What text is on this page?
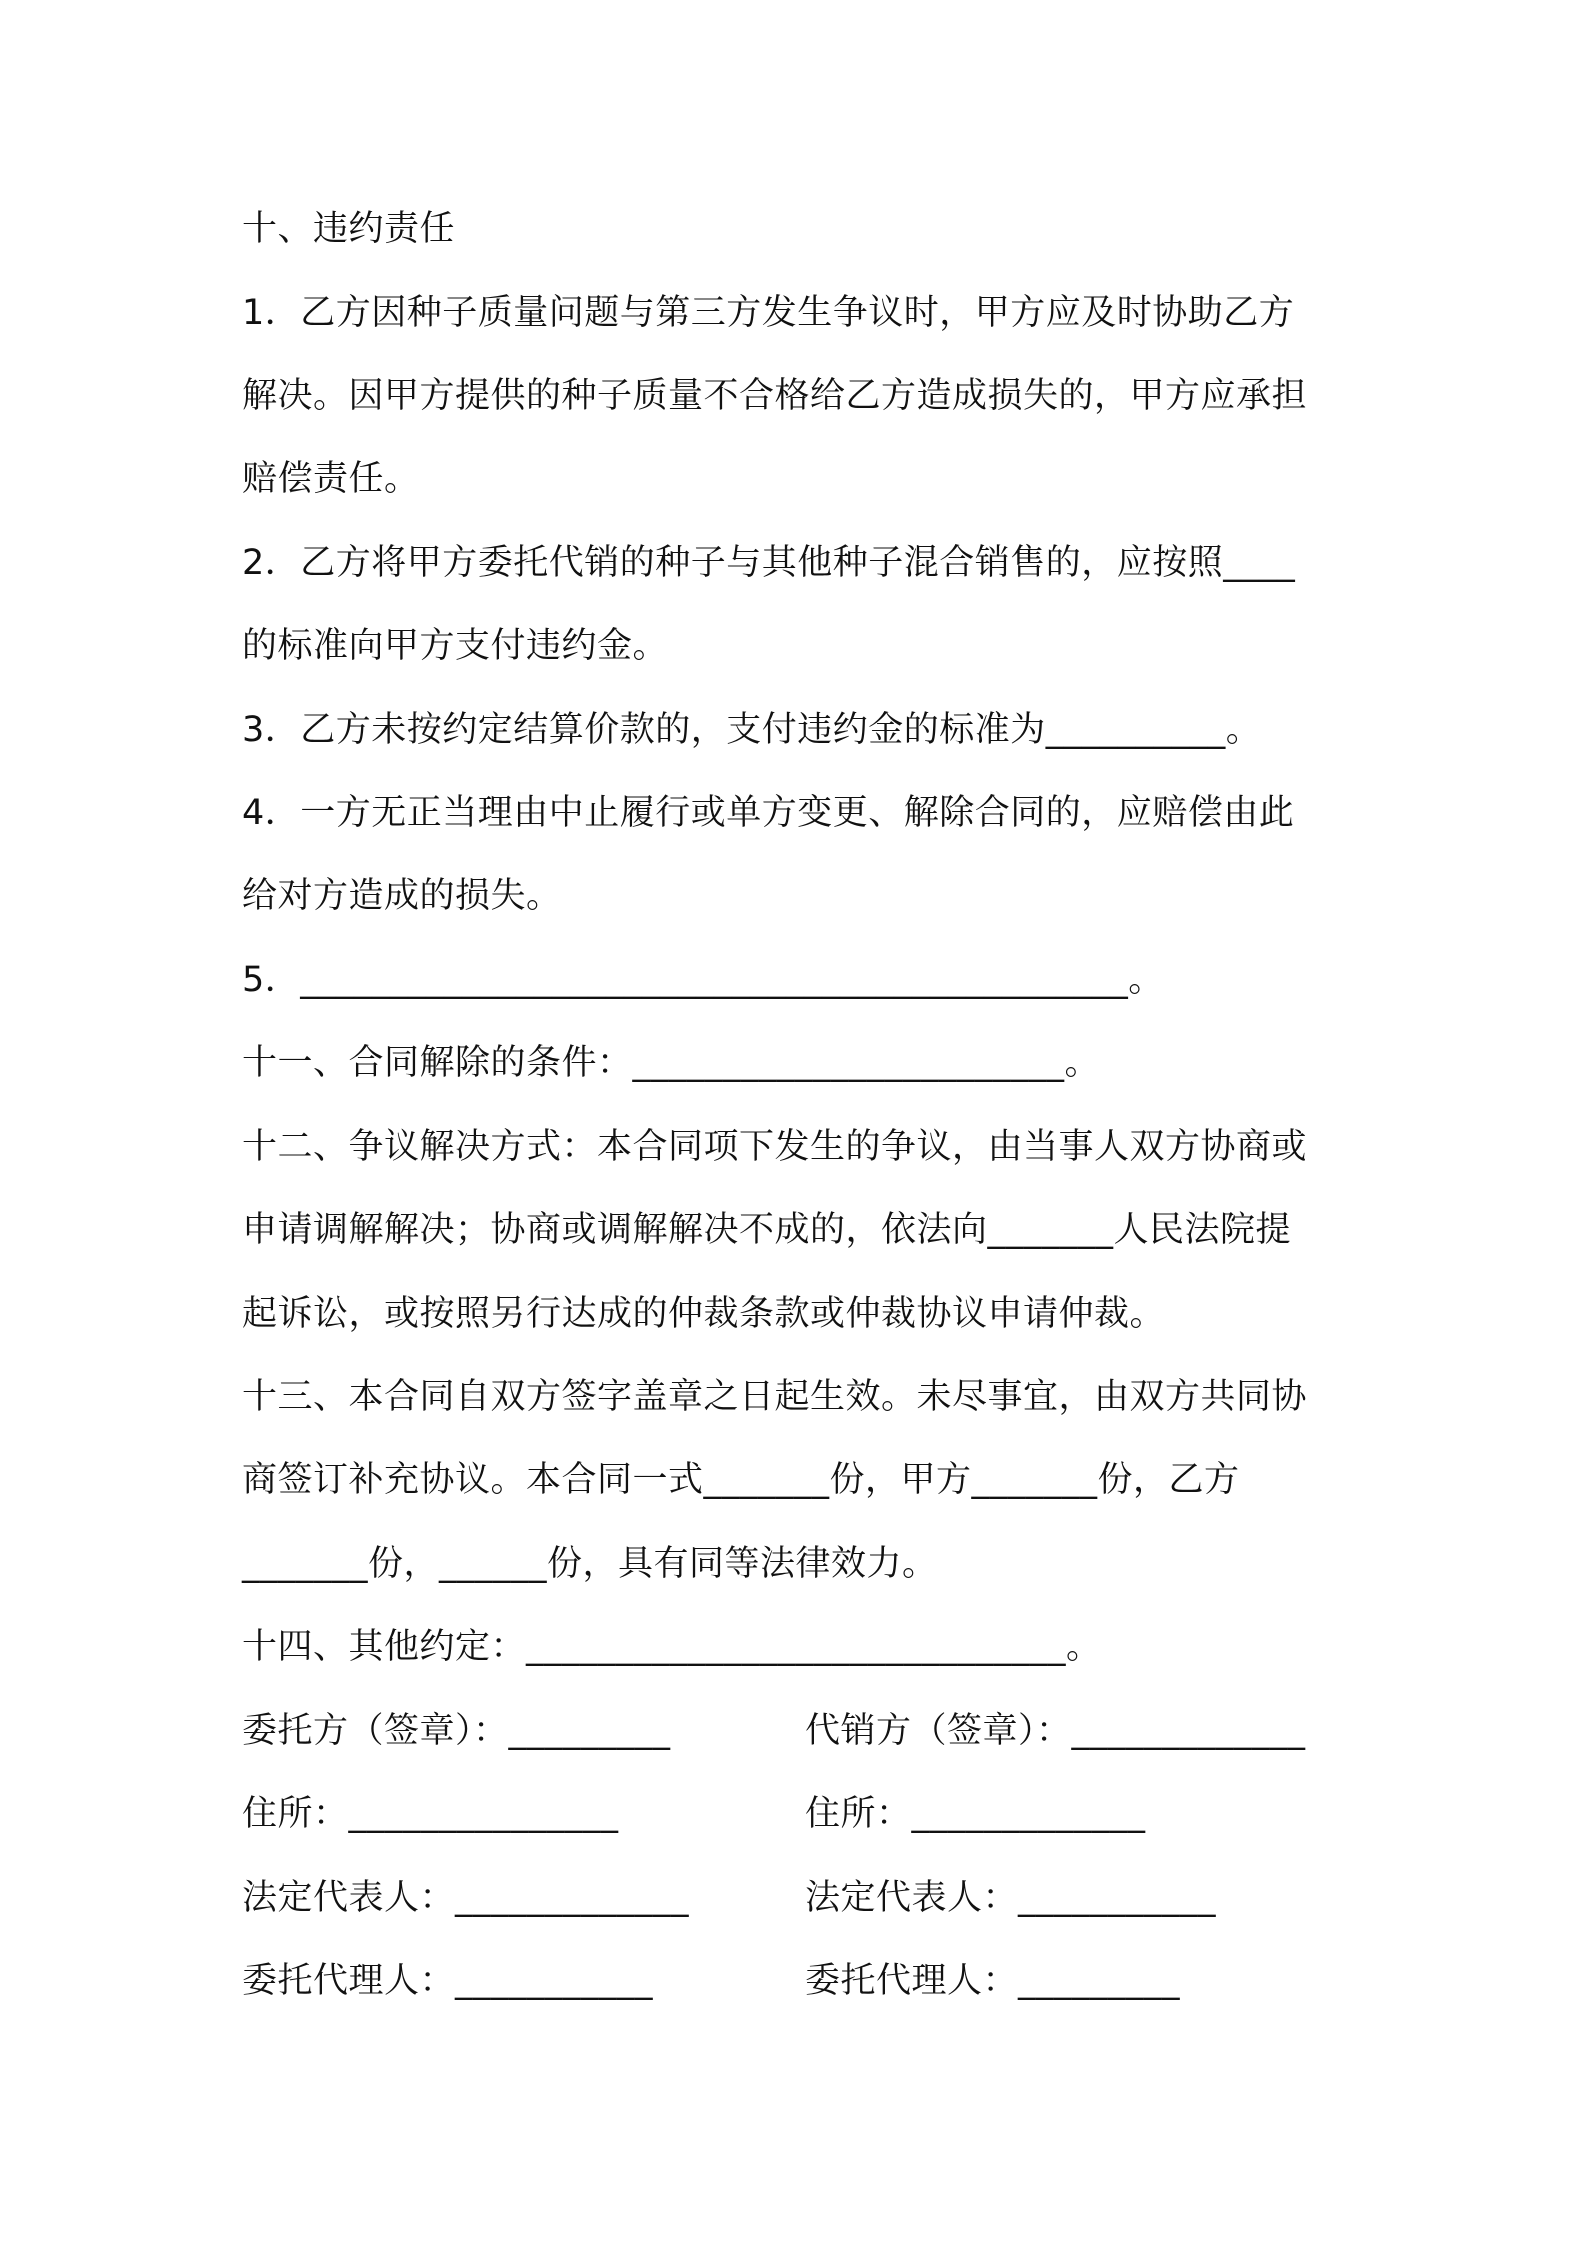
十、违约责任
1．乙方因种子质量问题与第三方发生争议时，甲方应及时协助乙方
解决。因甲方提供的种子质量不合格给乙方造成损失的，甲方应承担
赔偿责任。
2．乙方将甲方委托代销的种子与其他种子混合销售的，应按照____
的标准向甲方支付违约金。
3．乙方未按约定结算价款的，支付违约金的标准为__________。
4．一方无正当理由中止履行或单方变更、解除合同的，应赔偿由此
给对方造成的损失。
5．______________________________________________。
十一、合同解除的条件：________________________。
十二、争议解决方式：本合同项下发生的争议，由当事人双方协商或
申请调解解决；协商或调解解决不成的，依法向_______人民法院提
起诉讼，或按照另行达成的仲裁条款或仲裁协议申请仲裁。
十三、本合同自双方签字盖章之日起生效。未尽事宜，由双方共同协
商签订补充协议。本合同一式_______份，甲方_______份，乙方
_______份，______份，具有同等法律效力。
十四、其他约定：______________________________。
委托方（签章）：_________	代销方（签章）：_____________
住所：_______________	住所：_____________
法定代表人：_____________	法定代表人：___________
委托代理人：___________	委托代理人：_________
